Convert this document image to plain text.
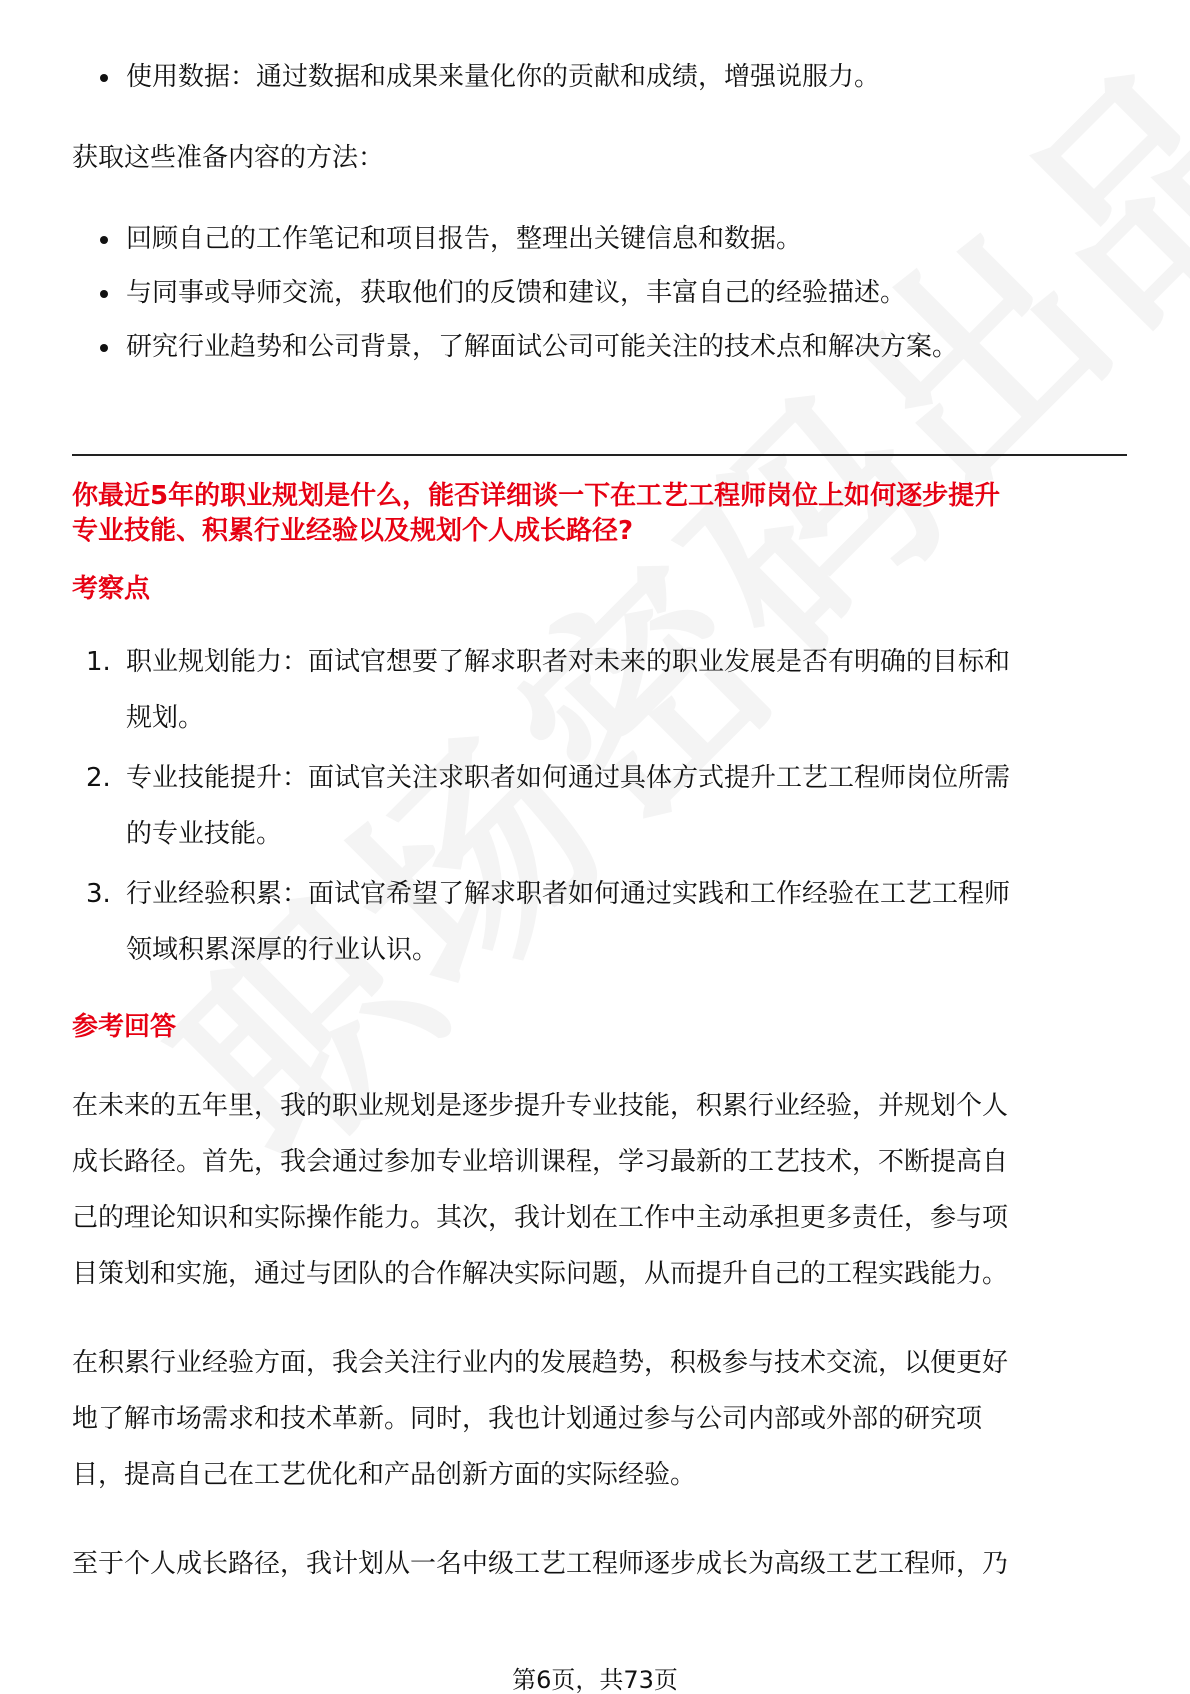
使用数据：通过数据和成果来量化你的贡献和成绩，增强说服力。
获取这些准备内容的方法：
回顾自己的工作笔记和项目报告，整理出关键信息和数据。
与同事或导师交流，获取他们的反馈和建议，丰富自己的经验描述。
研究行业趋势和公司背景，了解面试公司可能关注的技术点和解决方案。
你最近5年的职业规划是什么，能否详细谈一下在工艺工程师岗位上如何逐步提升
专业技能、积累行业经验以及规划个人成长路径?
考察点
1. 职业规划能力：面试官想要了解求职者对未来的职业发展是否有明确的目标和
规划。
2. 专业技能提升：面试官关注求职者如何通过具体方式提升工艺工程师岗位所需
的专业技能。
3. 行业经验积累：面试官希望了解求职者如何通过实践和工作经验在工艺工程师
领域积累深厚的行业认识。
参考回答
在未来的五年里，我的职业规划是逐步提升专业技能，积累行业经验，并规划个人
成长路径。首先，我会通过参加专业培训课程，学习最新的工艺技术，不断提高自
己的理论知识和实际操作能力。其次，我计划在工作中主动承担更多责任，参与项
目策划和实施，通过与团队的合作解决实际问题，从而提升自己的工程实践能力。
在积累行业经验方面，我会关注行业内的发展趋势，积极参与技术交流，以便更好
地了解市场需求和技术革新。同时，我也计划通过参与公司内部或外部的研究项
目，提高自己在工艺优化和产品创新方面的实际经验。
至于个人成长路径，我计划从一名中级工艺工程师逐步成长为高级工艺工程师，乃
第6页，共73页
